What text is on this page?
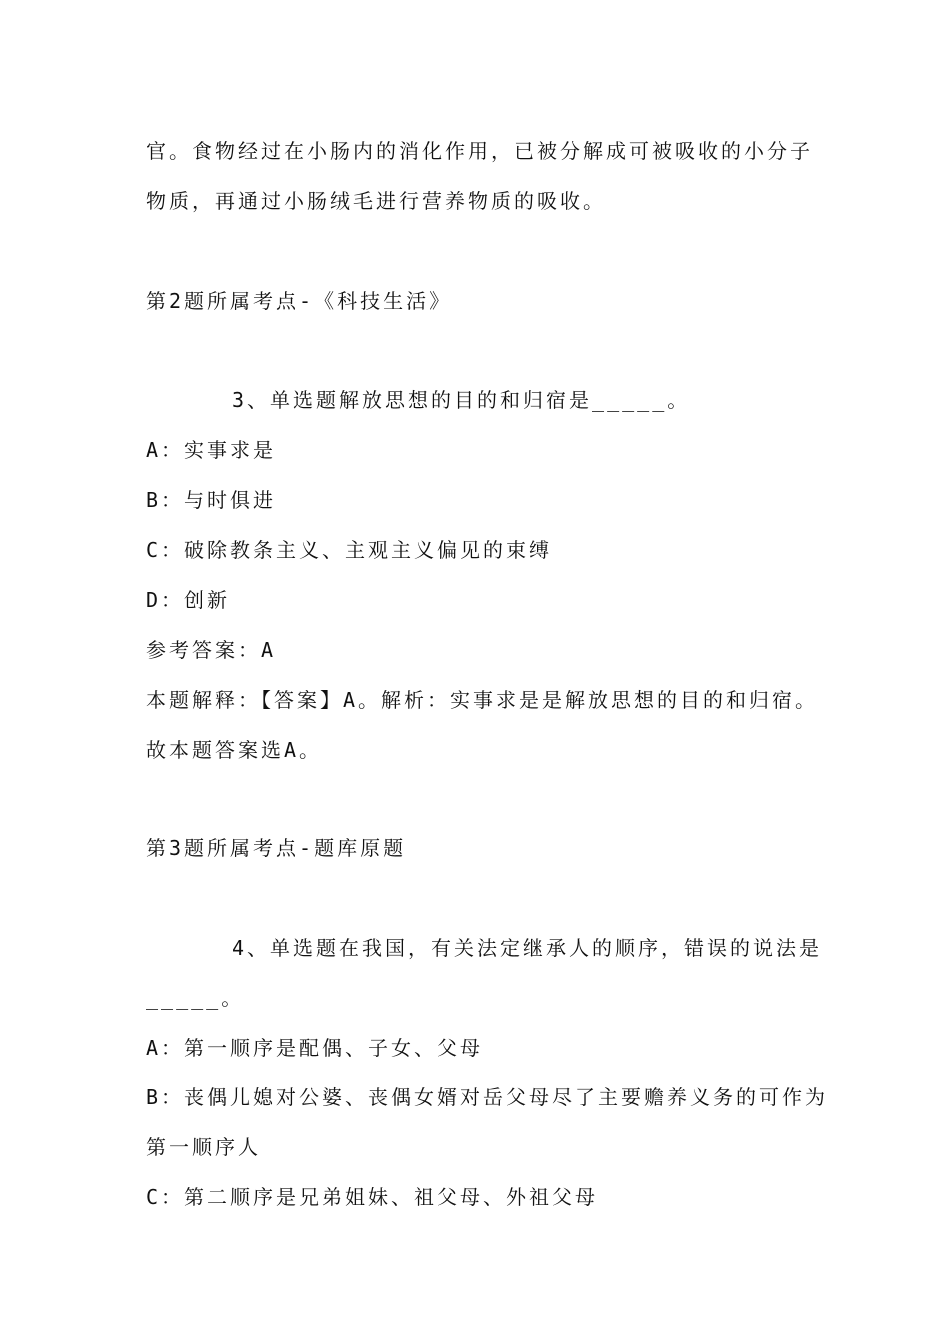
官。食物经过在小肠内的消化作用，已被分解成可被吸收的小分子
物质，再通过小肠绒毛进行营养物质的吸收。
第2题所属考点-《科技生活》
3、单选题解放思想的目的和归宿是_____。
A：实事求是
B：与时俱进
C：破除教条主义、主观主义偏见的束缚
D：创新
参考答案：A
本题解释：【答案】A。解析：实事求是是解放思想的目的和归宿。
故本题答案选A。
第3题所属考点-题库原题
4、单选题在我国，有关法定继承人的顺序，错误的说法是
_____。
A：第一顺序是配偶、子女、父母
B：丧偶儿媳对公婆、丧偶女婿对岳父母尽了主要赡养义务的可作为
第一顺序人
C：第二顺序是兄弟姐妹、祖父母、外祖父母
